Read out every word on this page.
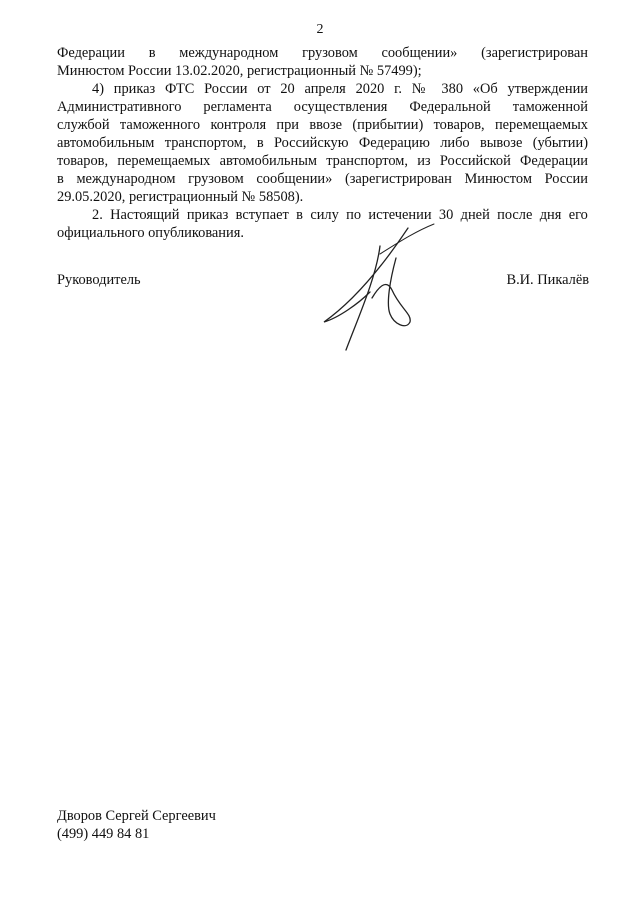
2
Федерации в международном грузовом сообщении» (зарегистрирован
Минюстом России 13.02.2020, регистрационный № 57499);
4) приказ ФТС России от 20 апреля 2020 г. № 380 «Об утверждении
Административного регламента осуществления Федеральной таможенной
службой таможенного контроля при ввозе (прибытии) товаров, перемещаемых
автомобильным транспортом, в Российскую Федерацию либо вывозе (убытии)
товаров, перемещаемых автомобильным транспортом, из Российской Федерации
в международном грузовом сообщении» (зарегистрирован Минюстом России
29.05.2020, регистрационный № 58508).
2. Настоящий приказ вступает в силу по истечении 30 дней после дня его
официального опубликования.
Руководитель	В.И. Пикалёв
Дворов Сергей Сергеевич
(499) 449 84 81
